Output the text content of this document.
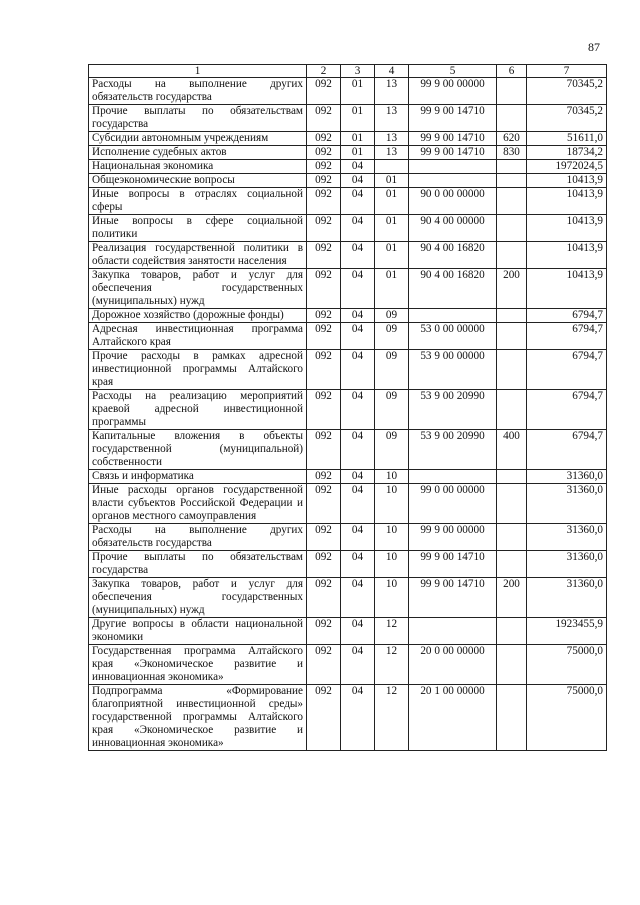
87
1	2	3	4	5	6	7
Расходы на выполнение других обязательств государства	092	01	13	99 9 00 00000		70345,2
Прочие выплаты по обязательствам государства	092	01	13	99 9 00 14710		70345,2
Субсидии автономным учреждениям	092	01	13	99 9 00 14710	620	51611,0
Исполнение судебных актов	092	01	13	99 9 00 14710	830	18734,2
Национальная экономика	092	04				1972024,5
Общеэкономические вопросы	092	04	01			10413,9
Иные вопросы в отраслях социальной сферы	092	04	01	90 0 00 00000		10413,9
Иные вопросы в сфере социальной политики	092	04	01	90 4 00 00000		10413,9
Реализация государственной политики в области содействия занятости населения	092	04	01	90 4 00 16820		10413,9
Закупка товаров, работ и услуг для обеспечения государственных (муниципальных) нужд	092	04	01	90 4 00 16820	200	10413,9
Дорожное хозяйство (дорожные фонды)	092	04	09			6794,7
Адресная инвестиционная программа Алтайского края	092	04	09	53 0 00 00000		6794,7
Прочие расходы в рамках адресной инвестиционной программы Алтайского края	092	04	09	53 9 00 00000		6794,7
Расходы на реализацию мероприятий краевой адресной инвестиционной программы	092	04	09	53 9 00 20990		6794,7
Капитальные вложения в объекты государственной (муниципальной) собственности	092	04	09	53 9 00 20990	400	6794,7
Связь и информатика	092	04	10			31360,0
Иные расходы органов государственной власти субъектов Российской Федерации и органов местного самоуправления	092	04	10	99 0 00 00000		31360,0
Расходы на выполнение других обязательств государства	092	04	10	99 9 00 00000		31360,0
Прочие выплаты по обязательствам государства	092	04	10	99 9 00 14710		31360,0
Закупка товаров, работ и услуг для обеспечения государственных (муниципальных) нужд	092	04	10	99 9 00 14710	200	31360,0
Другие вопросы в области национальной экономики	092	04	12			1923455,9
Государственная программа Алтайского края «Экономическое развитие и инновационная экономика»	092	04	12	20 0 00 00000		75000,0
Подпрограмма «Формирование благоприятной инвестиционной среды» государственной программы Алтайского края «Экономическое развитие и инновационная экономика»	092	04	12	20 1 00 00000		75000,0
